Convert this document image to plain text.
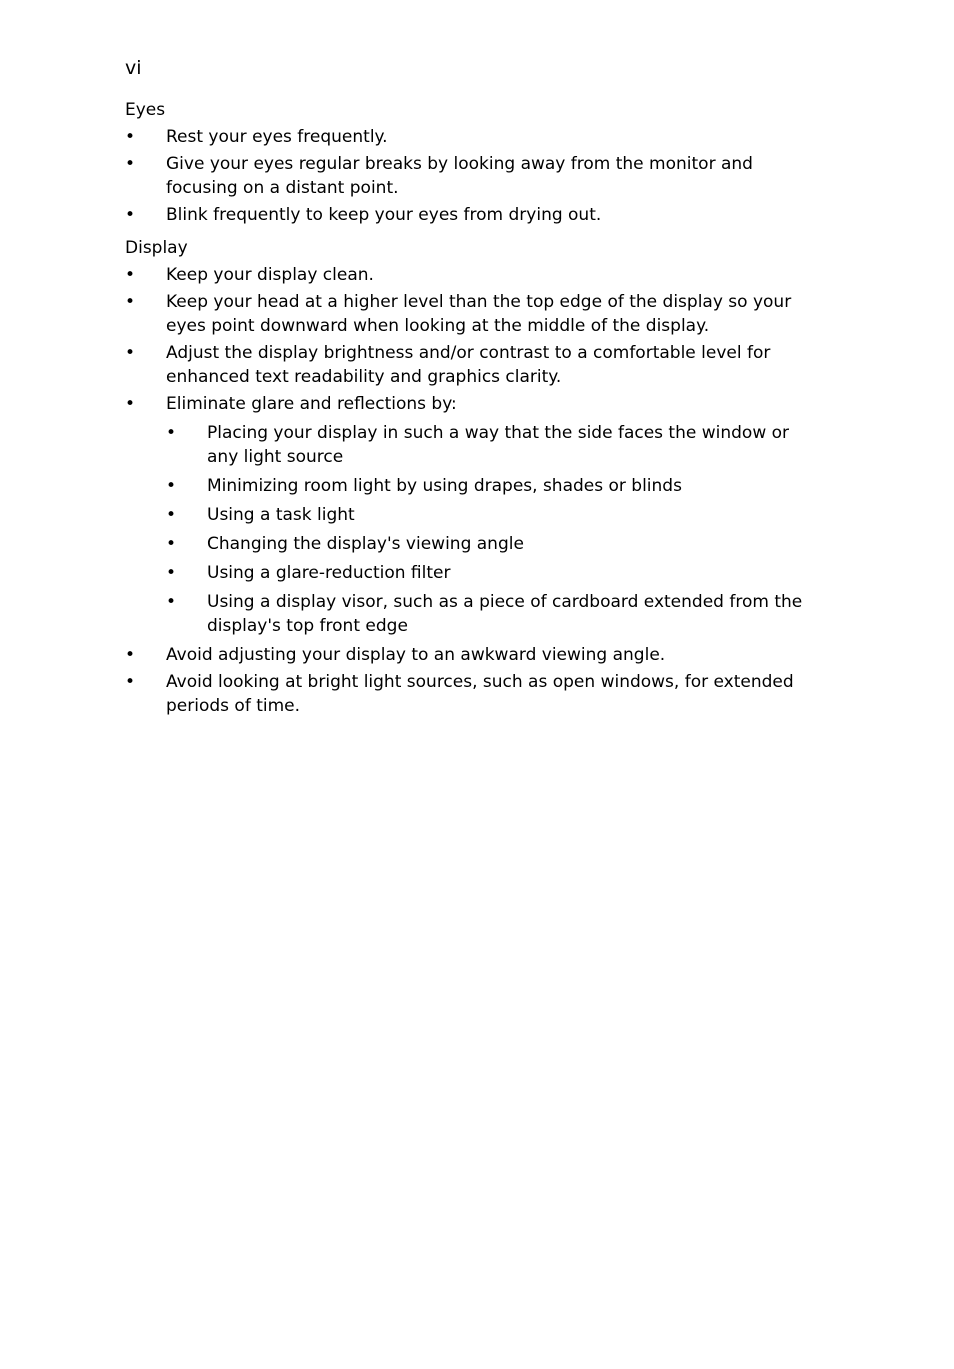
vi

Eyes
• Rest your eyes frequently.
• Give your eyes regular breaks by looking away from the monitor and focusing on a distant point.
• Blink frequently to keep your eyes from drying out.
Display
• Keep your display clean.
• Keep your head at a higher level than the top edge of the display so your eyes point downward when looking at the middle of the display.
• Adjust the display brightness and/or contrast to a comfortable level for enhanced text readability and graphics clarity.
• Eliminate glare and reflections by:
• Placing your display in such a way that the side faces the window or any light source
• Minimizing room light by using drapes, shades or blinds
• Using a task light
• Changing the display's viewing angle
• Using a glare-reduction filter
• Using a display visor, such as a piece of cardboard extended from the display's top front edge
• Avoid adjusting your display to an awkward viewing angle.
• Avoid looking at bright light sources, such as open windows, for extended periods of time.
